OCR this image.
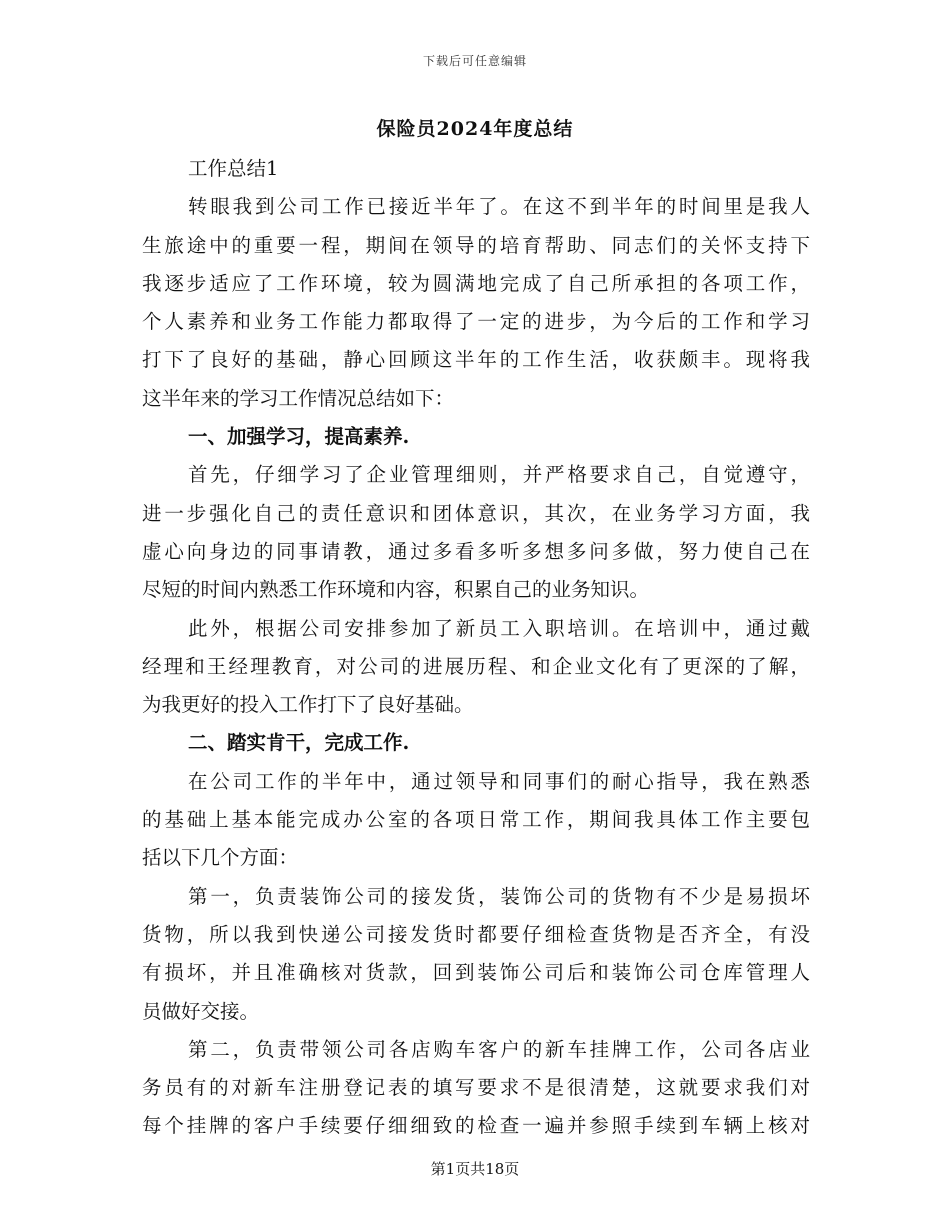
下载后可任意编辑
保险员2024年度总结
工作总结1
转眼我到公司工作已接近半年了。在这不到半年的时间里是我人
生旅途中的重要一程，期间在领导的培育帮助、同志们的关怀支持下
我逐步适应了工作环境，较为圆满地完成了自己所承担的各项工作，
个人素养和业务工作能力都取得了一定的进步，为今后的工作和学习
打下了良好的基础，静心回顾这半年的工作生活，收获颇丰。现将我
这半年来的学习工作情况总结如下：
一、加强学习，提高素养.
首先，仔细学习了企业管理细则，并严格要求自己，自觉遵守，
进一步强化自己的责任意识和团体意识，其次，在业务学习方面，我
虚心向身边的同事请教，通过多看多听多想多问多做，努力使自己在
尽短的时间内熟悉工作环境和内容，积累自己的业务知识。
此外，根据公司安排参加了新员工入职培训。在培训中，通过戴
经理和王经理教育，对公司的进展历程、和企业文化有了更深的了解，
为我更好的投入工作打下了良好基础。
二、踏实肯干，完成工作.
在公司工作的半年中，通过领导和同事们的耐心指导，我在熟悉
的基础上基本能完成办公室的各项日常工作，期间我具体工作主要包
括以下几个方面：
第一，负责装饰公司的接发货，装饰公司的货物有不少是易损坏
货物，所以我到快递公司接发货时都要仔细检查货物是否齐全，有没
有损坏，并且准确核对货款，回到装饰公司后和装饰公司仓库管理人
员做好交接。
第二，负责带领公司各店购车客户的新车挂牌工作，公司各店业
务员有的对新车注册登记表的填写要求不是很清楚，这就要求我们对
每个挂牌的客户手续要仔细细致的检查一遍并参照手续到车辆上核对
第1页共18页
